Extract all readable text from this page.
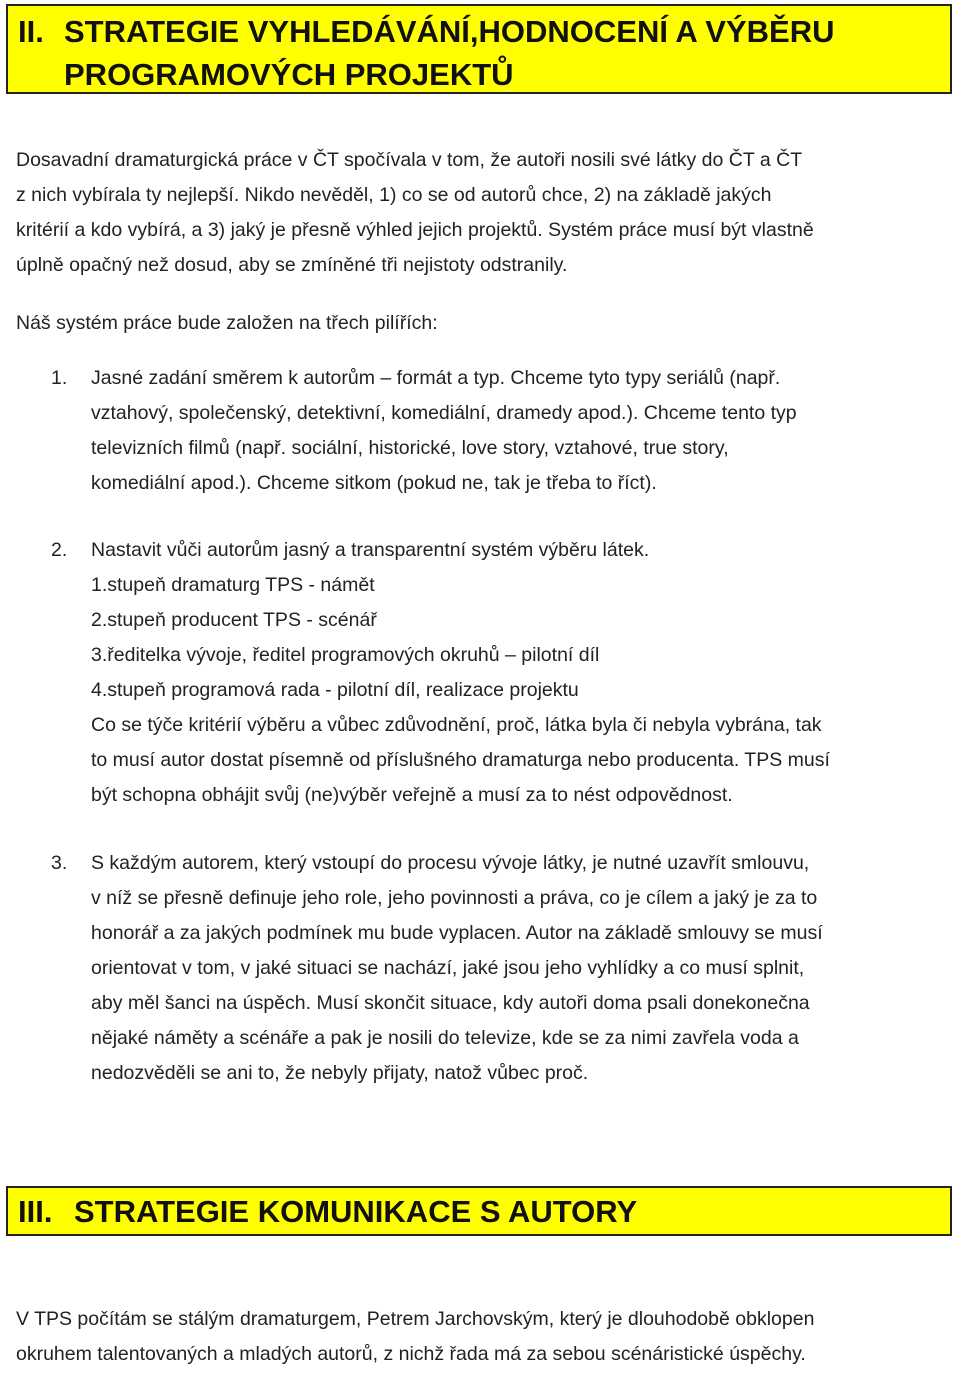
II. STRATEGIE VYHLEDÁVÁNÍ,HODNOCENÍ A VÝBĚRU
PROGRAMOVÝCH PROJEKTŮ
Dosavadní dramaturgická práce v ČT spočívala v tom, že autoři nosili své látky do ČT a ČT
z nich vybírala ty nejlepší. Nikdo nevěděl, 1) co se od autorů chce, 2) na základě jakých
kritérií a kdo vybírá, a 3) jaký je přesně výhled jejich projektů. Systém práce musí být vlastně
úplně opačný než dosud, aby se zmíněné tři nejistoty odstranily.
Náš systém práce bude založen na třech pilířích:
1.	Jasné zadání směrem k autorům – formát a typ. Chceme tyto typy seriálů (např.
vztahový, společenský, detektivní, komediální, dramedy apod.). Chceme tento typ
televizních filmů (např. sociální, historické, love story, vztahové, true story,
komediální apod.). Chceme sitkom (pokud ne, tak je třeba to říct).
2.	Nastavit vůči autorům jasný a transparentní systém výběru látek.
1.stupeň dramaturg TPS - námět
2.stupeň producent TPS - scénář
3.ředitelka vývoje, ředitel programových okruhů – pilotní díl
4.stupeň programová rada - pilotní díl, realizace projektu
Co se týče kritérií výběru a vůbec zdůvodnění, proč, látka byla či nebyla vybrána, tak
to musí autor dostat písemně od příslušného dramaturga nebo producenta. TPS musí
být schopna obhájit svůj (ne)výběr veřejně a musí za to nést odpovědnost.
3.	S každým autorem, který vstoupí do procesu vývoje látky, je nutné uzavřít smlouvu,
v níž se přesně definuje jeho role, jeho povinnosti a práva, co je cílem a jaký je za to
honorář a za jakých podmínek mu bude vyplacen. Autor na základě smlouvy se musí
orientovat v tom, v jaké situaci se nachází, jaké jsou jeho vyhlídky a co musí splnit,
aby měl šanci na úspěch. Musí skončit situace, kdy autoři doma psali donekonečna
nějaké náměty a scénáře a pak je nosili do televize, kde se za nimi zavřela voda a
nedozvěděli se ani to, že nebyly přijaty, natož vůbec proč.
III. STRATEGIE KOMUNIKACE S AUTORY
V TPS počítám se stálým dramaturgem, Petrem Jarchovským, který je dlouhodobě obklopen
okruhem talentovaných a mladých autorů, z nichž řada má za sebou scénáristické úspěchy.
